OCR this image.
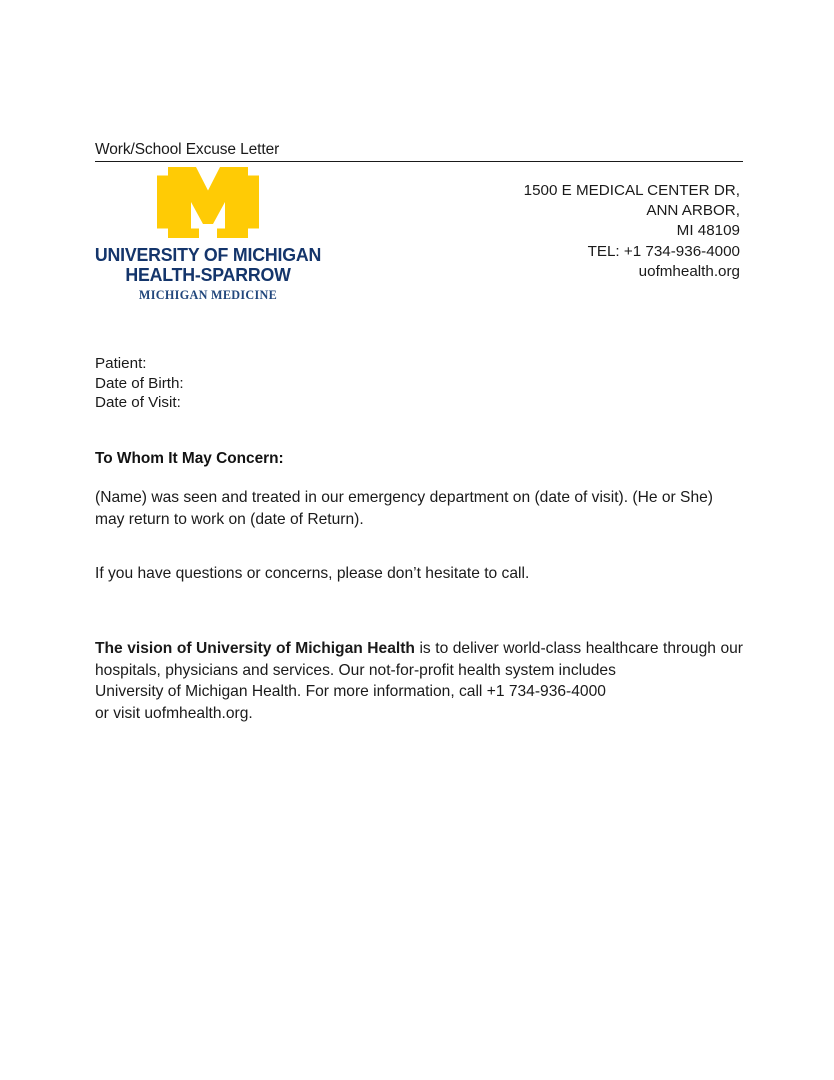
Work/School Excuse Letter
UNIVERSITY OF MICHIGAN
HEALTH-SPARROW
MICHIGAN MEDICINE
1500 E MEDICAL CENTER DR,
ANN ARBOR,
MI 48109
TEL: +1 734-936-4000
uofmhealth.org
Patient:
Date of Birth:
Date of Visit:
To Whom It May Concern:
(Name) was seen and treated in our emergency department on (date of visit). (He or She) may return to work on (date of Return).
If you have questions or concerns, please don’t hesitate to call.
The vision of University of Michigan Health is to deliver world-class healthcare through our hospitals, physicians and services. Our not-for-profit health system includes
University of Michigan Health. For more information, call +1 734-936-4000
or visit uofmhealth.org.
